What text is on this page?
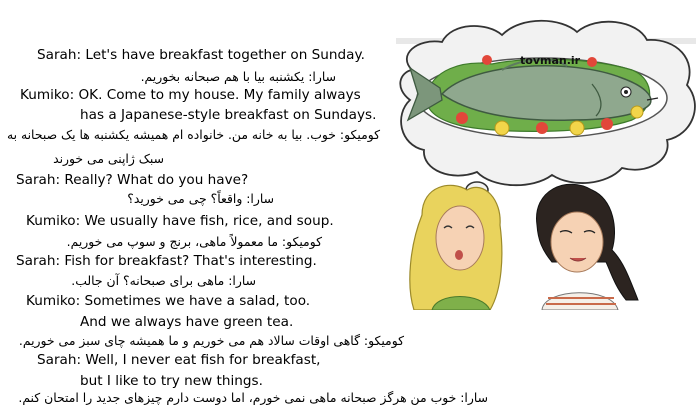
Sarah: Let's have breakfast together on Sunday.
سارا: یکشنبه بیا با هم صبحانه بخوریم.
Kumiko: OK. Come to my house. My family always
has a Japanese-style breakfast on Sundays.
کومیکو: خوب. بیا به خانه من. خانواده ام همیشه یکشنبه ها یک صبحانه به
سبک ژاپنی می خورند
Sarah: Really? What do you have?
سارا: واقعاً؟ چی می خورید؟
Kumiko: We usually have fish, rice, and soup.
کومیکو: ما معمولاً ماهی، برنج و سوپ می خوریم.
Sarah: Fish for breakfast? That's interesting.
سارا: ماهی برای صبحانه؟ آن جالب.
Kumiko: Sometimes we have a salad, too.
And we always have green tea.
کومیکو: گاهی اوقات سالاد هم می خوریم و ما همیشه چای سبز می خوریم.
Sarah: Well, I never eat fish for breakfast,
but I like to try new things.
سارا: خوب من هرگز صبحانه ماهی نمی خورم، اما دوست دارم چیزهای جدید را امتحان کنم.
tovman.ir
